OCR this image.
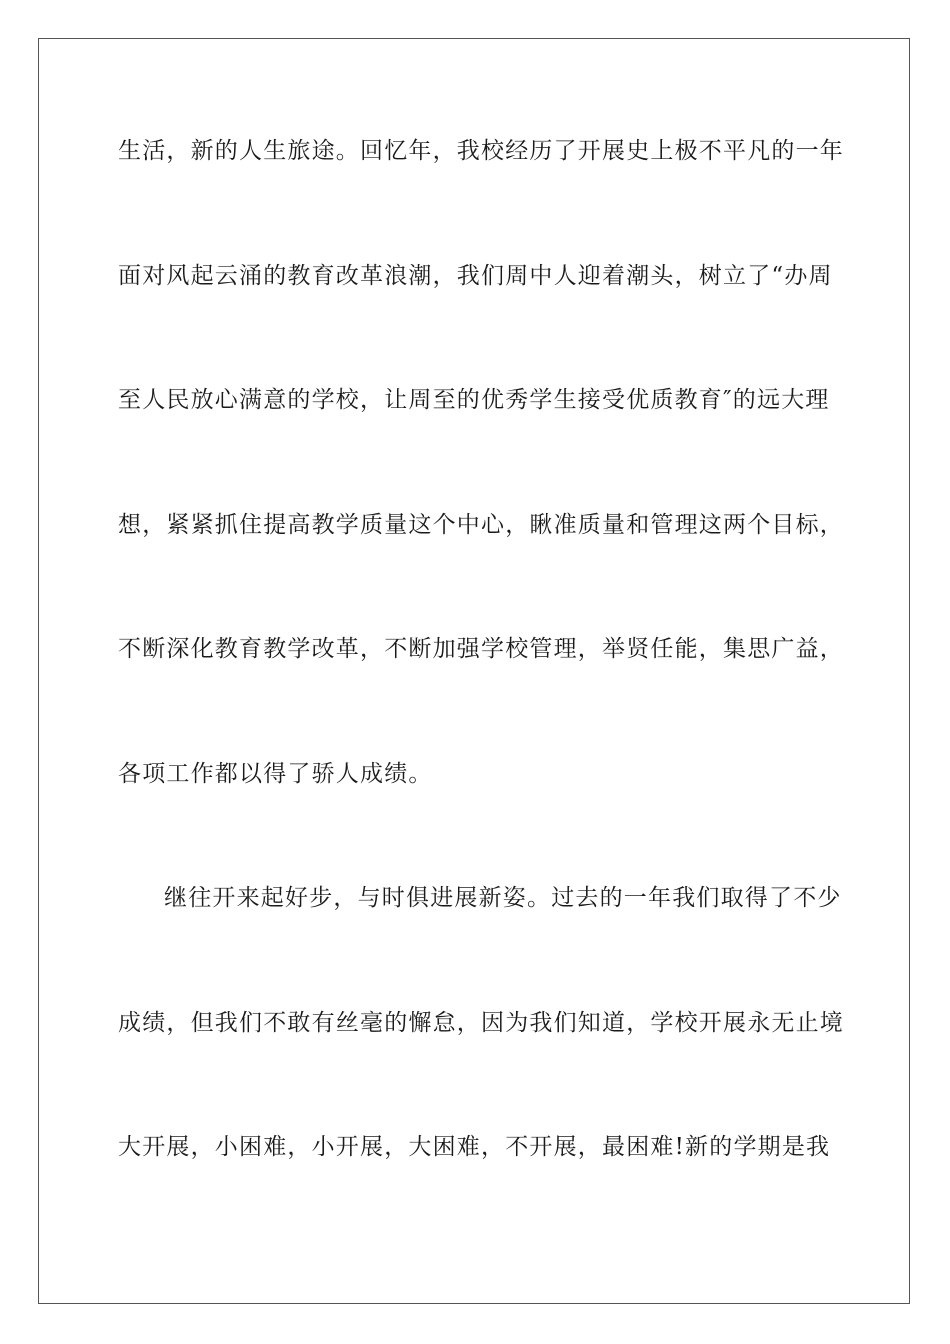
生活，新的人生旅途。回忆年，我校经历了开展史上极不平凡的一年
面对风起云涌的教育改革浪潮，我们周中人迎着潮头，树立了“办周
至人民放心满意的学校，让周至的优秀学生接受优质教育″的远大理
想，紧紧抓住提高教学质量这个中心，瞅准质量和管理这两个目标，
不断深化教育教学改革，不断加强学校管理，举贤任能，集思广益，
各项工作都以得了骄人成绩。
继往开来起好步，与时俱进展新姿。过去的一年我们取得了不少
成绩，但我们不敢有丝毫的懈怠，因为我们知道，学校开展永无止境
大开展，小困难，小开展，大困难，不开展，最困难!新的学期是我
